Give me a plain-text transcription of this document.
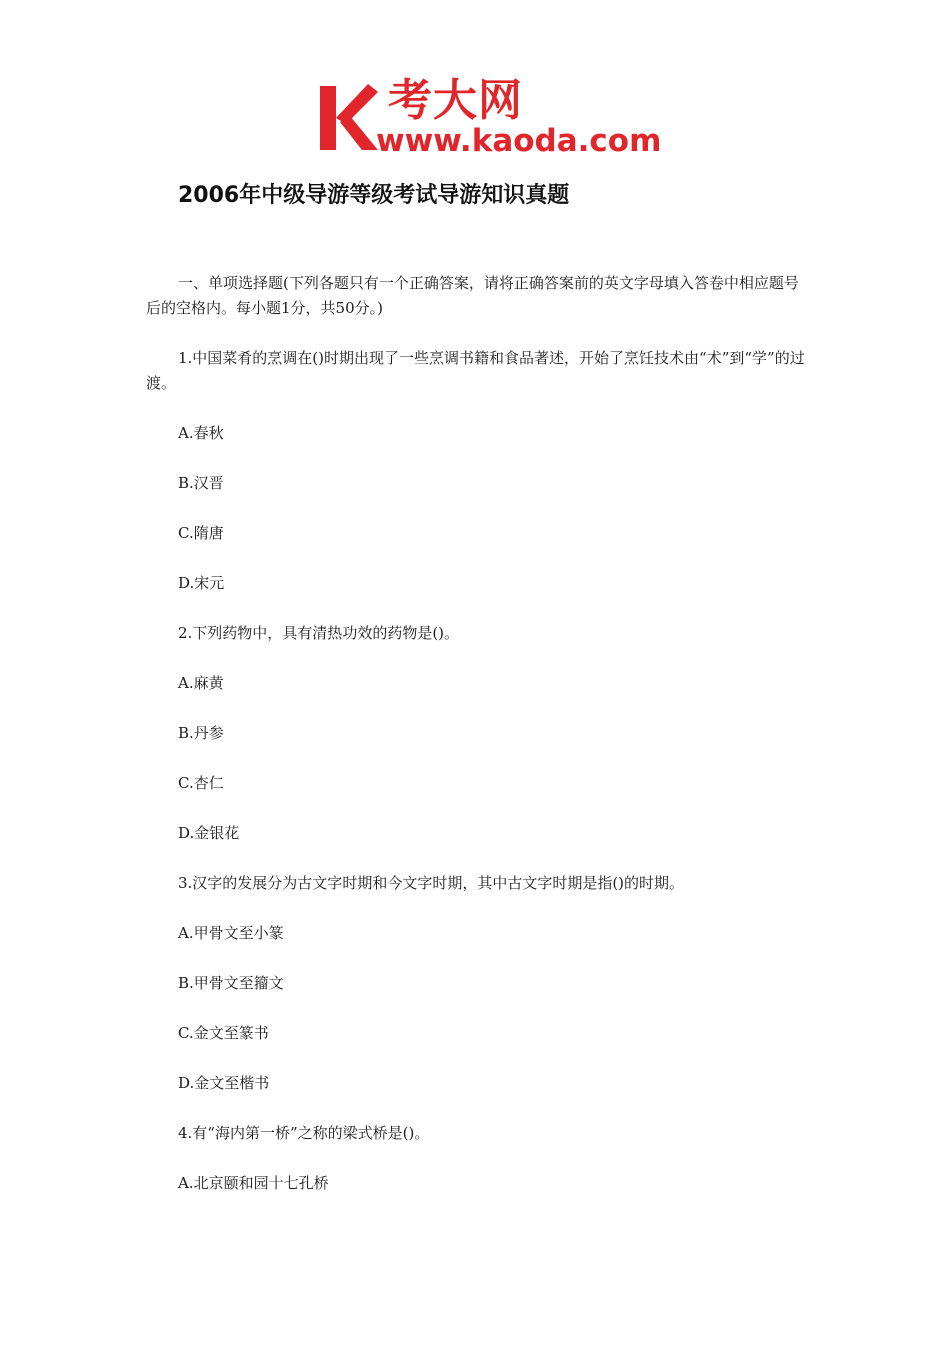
考大网
www.kaoda.com
2006年中级导游等级考试导游知识真题

一、单项选择题(下列各题只有一个正确答案，请将正确答案前的英文字母填入答卷中相应题号后的空格内。每小题1分，共50分。)

1.中国菜肴的烹调在()时期出现了一些烹调书籍和食品著述，开始了烹饪技术由“术”到“学”的过渡。

A.春秋

B.汉晋

C.隋唐

D.宋元

2.下列药物中，具有清热功效的药物是()。

A.麻黄

B.丹参

C.杏仁

D.金银花

3.汉字的发展分为古文字时期和今文字时期，其中古文字时期是指()的时期。

A.甲骨文至小篆

B.甲骨文至籀文

C.金文至篆书

D.金文至楷书

4.有“海内第一桥”之称的梁式桥是()。

A.北京颐和园十七孔桥
